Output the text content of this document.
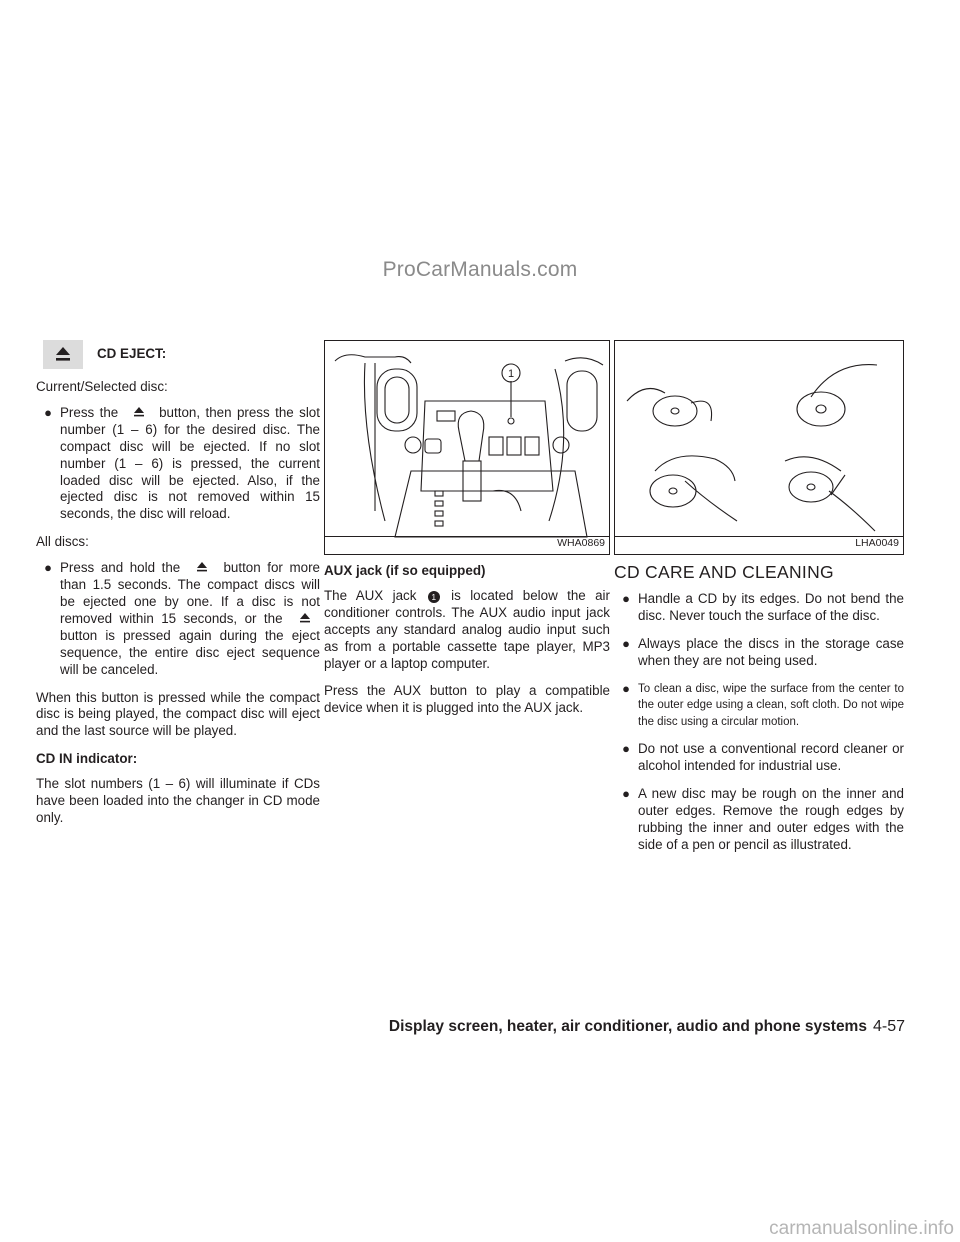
ProCarManuals.com
CD EJECT:

Current/Selected disc:

● Press the	button, then press the slot number (1 – 6) for the desired disc. The compact disc will be ejected. If no slot number (1 – 6) is pressed, the current loaded disc will be ejected. Also, if the ejected disc is not removed within 15 seconds, the disc will reload.

All discs:

● Press and hold the	button for more than 1.5 seconds. The compact discs will be ejected one by one. If a disc is not removed within 15 seconds, or the  button is pressed again during the eject sequence, the entire disc eject sequence will be canceled.

When this button is pressed while the compact disc is being played, the compact disc will eject and the last source will be played.

CD IN indicator:

The slot numbers (1 – 6) will illuminate if CDs have been loaded into the changer in CD mode only.

1
WHA0869

AUX jack (if so equipped)

The AUX jack 1 is located below the air conditioner controls. The AUX audio input jack accepts any standard analog audio input such as from a portable cassette tape player, MP3 player or a laptop computer.

Press the AUX button to play a compatible device when it is plugged into the AUX jack.

LHA0049
CD CARE AND CLEANING
● Handle a CD by its edges. Do not bend the disc. Never touch the surface of the disc.
● Always place the discs in the storage case when they are not being used.
● To clean a disc, wipe the surface from the center to the outer edge using a clean, soft cloth. Do not wipe the disc using a circular motion.
● Do not use a conventional record cleaner or alcohol intended for industrial use.
● A new disc may be rough on the inner and outer edges. Remove the rough edges by rubbing the inner and outer edges with the side of a pen or pencil as illustrated.
Display screen, heater, air conditioner, audio and phone systems 4-57
carmanualsonline.info
